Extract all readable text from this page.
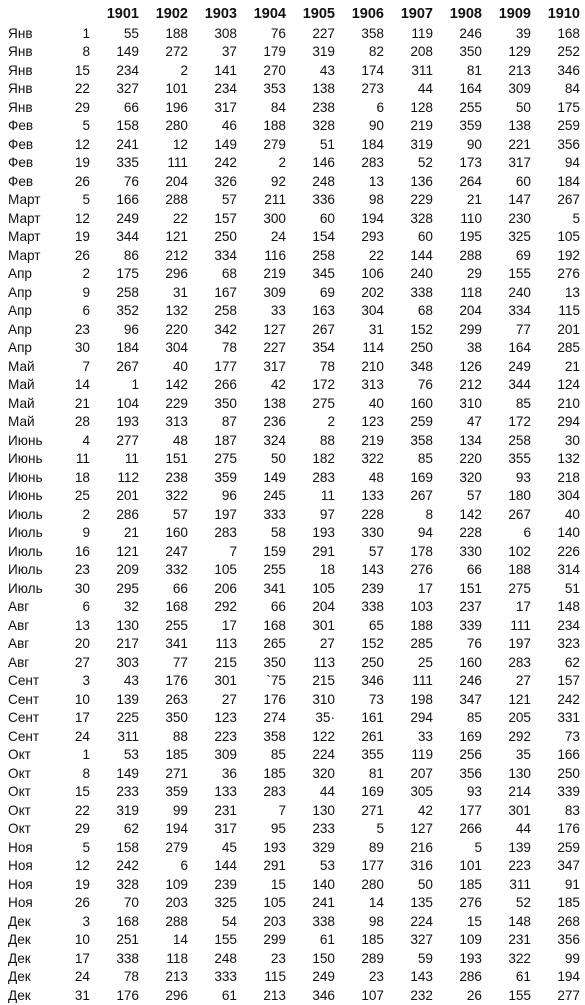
		1901	1902	1903	1904	1905	1906	1907	1908	1909	1910
Янв	1	55	188	308	76	227	358	119	246	39	168
Янв	8	149	272	37	179	319	82	208	350	129	252
Янв	15	234	2	141	270	43	174	311	81	213	346
Янв	22	327	101	234	353	138	273	44	164	309	84
Янв	29	66	196	317	84	238	6	128	255	50	175
Фев	5	158	280	46	188	328	90	219	359	138	259
Фев	12	241	12	149	279	51	184	319	90	221	356
Фев	19	335	111	242	2	146	283	52	173	317	94
Фев	26	76	204	326	92	248	13	136	264	60	184
Март	5	166	288	57	211	336	98	229	21	147	267
Март	12	249	22	157	300	60	194	328	110	230	5
Март	19	344	121	250	24	154	293	60	195	325	105
Март	26	86	212	334	116	258	22	144	288	69	192
Апр	2	175	296	68	219	345	106	240	29	155	276
Апр	9	258	31	167	309	69	202	338	118	240	13
Апр	6	352	132	258	33	163	304	68	204	334	115
Апр	23	96	220	342	127	267	31	152	299	77	201
Апр	30	184	304	78	227	354	114	250	38	164	285
Май	7	267	40	177	317	78	210	348	126	249	21
Май	14	1	142	266	42	172	313	76	212	344	124
Май	21	104	229	350	138	275	40	160	310	85	210
Май	28	193	313	87	236	2	123	259	47	172	294
Июнь	4	277	48	187	324	88	219	358	134	258	30
Июнь	11	11	151	275	50	182	322	85	220	355	132
Июнь	18	112	238	359	149	283	48	169	320	93	218
Июнь	25	201	322	96	245	11	133	267	57	180	304
Июль	2	286	57	197	333	97	228	8	142	267	40
Июль	9	21	160	283	58	193	330	94	228	6	140
Июль	16	121	247	7	159	291	57	178	330	102	226
Июль	23	209	332	105	255	18	143	276	66	188	314
Июль	30	295	66	206	341	105	239	17	151	275	51
Авг	6	32	168	292	66	204	338	103	237	17	148
Авг	13	130	255	17	168	301	65	188	339	111	234
Авг	20	217	341	113	265	27	152	285	76	197	323
Авг	27	303	77	215	350	113	250	25	160	283	62
Сент	3	43	176	301	`75	215	346	111	246	27	157
Сент	10	139	263	27	176	310	73	198	347	121	242
Сент	17	225	350	123	274	35·	161	294	85	205	331
Сент	24	311	88	223	358	122	261	33	169	292	73
Окт	1	53	185	309	85	224	355	119	256	35	166
Окт	8	149	271	36	185	320	81	207	356	130	250
Окт	15	233	359	133	283	44	169	305	93	214	339
Окт	22	319	99	231	7	130	271	42	177	301	83
Окт	29	62	194	317	95	233	5	127	266	44	176
Ноя	5	158	279	45	193	329	89	216	5	139	259
Ноя	12	242	6	144	291	53	177	316	101	223	347
Ноя	19	328	109	239	15	140	280	50	185	311	91
Ноя	26	70	203	325	105	241	14	135	276	52	185
Дек	3	168	288	54	203	338	98	224	15	148	268
Дек	10	251	14	155	299	61	185	327	109	231	356
Дек	17	338	118	248	23	150	289	59	193	322	99
Дек	24	78	213	333	115	249	23	143	286	61	194
Дек	31	176	296	61	213	346	107	232	26	155	277
